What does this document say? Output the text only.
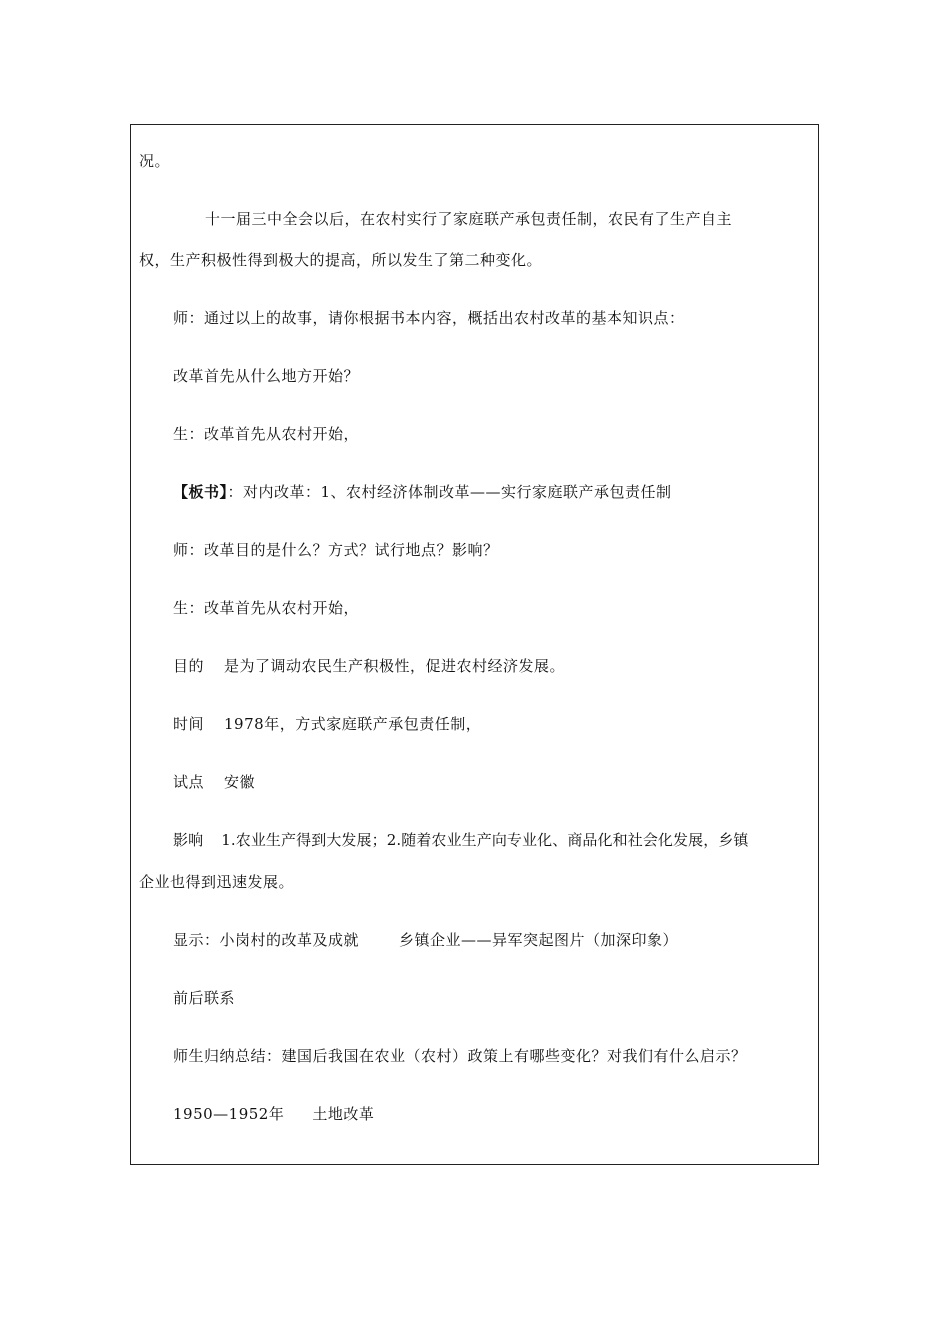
况。
十一届三中全会以后，在农村实行了家庭联产承包责任制，农民有了生产自主
权，生产积极性得到极大的提高，所以发生了第二种变化。
师：通过以上的故事，请你根据书本内容，概括出农村改革的基本知识点：
改革首先从什么地方开始？
生：改革首先从农村开始，
【板书】：对内改革：1、农村经济体制改革——实行家庭联产承包责任制
师：改革目的是什么？方式？试行地点？影响？
生：改革首先从农村开始，
目的 是为了调动农民生产积极性，促进农村经济发展。
时间 1978年，方式家庭联产承包责任制，
试点 安徽
影响 1.农业生产得到大发展；2.随着农业生产向专业化、商品化和社会化发展，乡镇
企业也得到迅速发展。
显示：小岗村的改革及成就	乡镇企业——异军突起图片（加深印象）
前后联系
师生归纳总结：建国后我国在农业（农村）政策上有哪些变化？对我们有什么启示？
1950—1952年 土地改革
